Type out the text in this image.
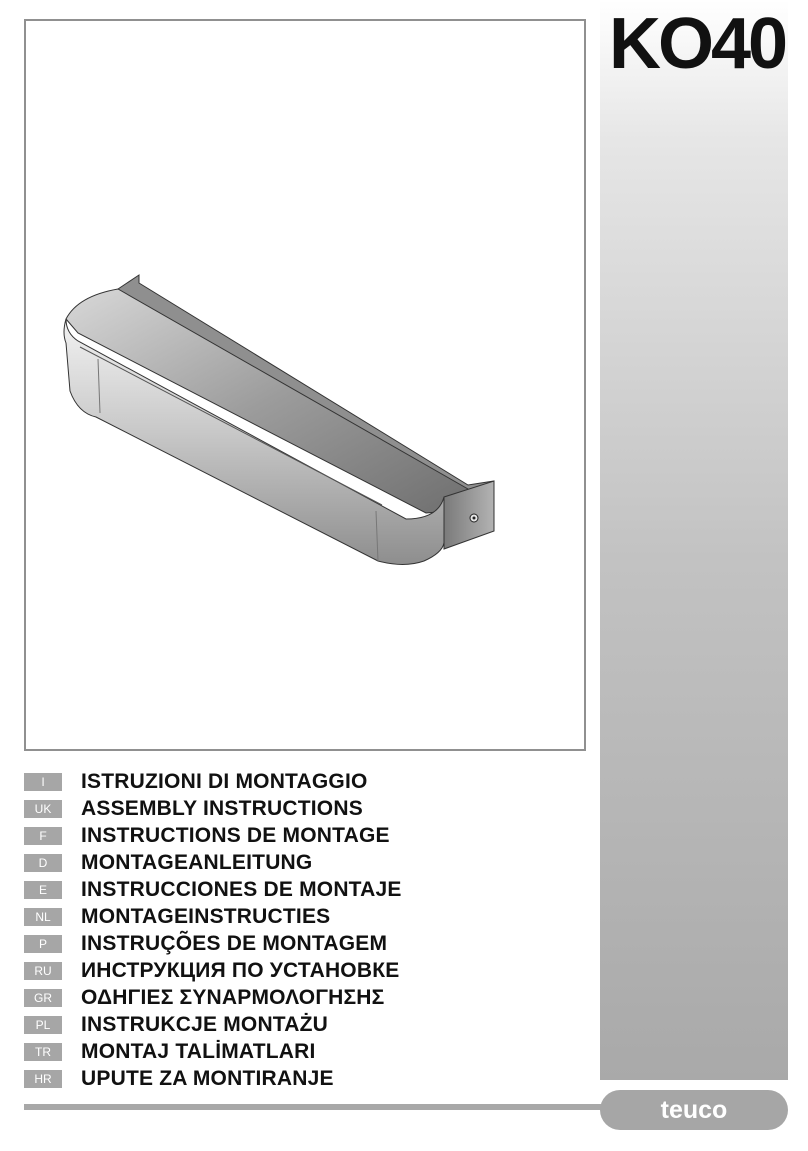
KO40
I	ISTRUZIONI DI MONTAGGIO
UK	ASSEMBLY INSTRUCTIONS
F	INSTRUCTIONS DE MONTAGE
D	MONTAGEANLEITUNG
E	INSTRUCCIONES DE MONTAJE
NL	MONTAGEINSTRUCTIES
P	INSTRUÇÕES DE MONTAGEM
RU	ИНСТРУКЦИЯ ПО УСТАНОВКЕ
GR	ΟΔΗΓΙΕΣ ΣΥΝΑΡΜΟΛΟΓΗΣΗΣ
PL	INSTRUKCJE MONTAŻU
TR	MONTAJ TALİMATLARI
HR	UPUTE ZA MONTIRANJE
teuco
